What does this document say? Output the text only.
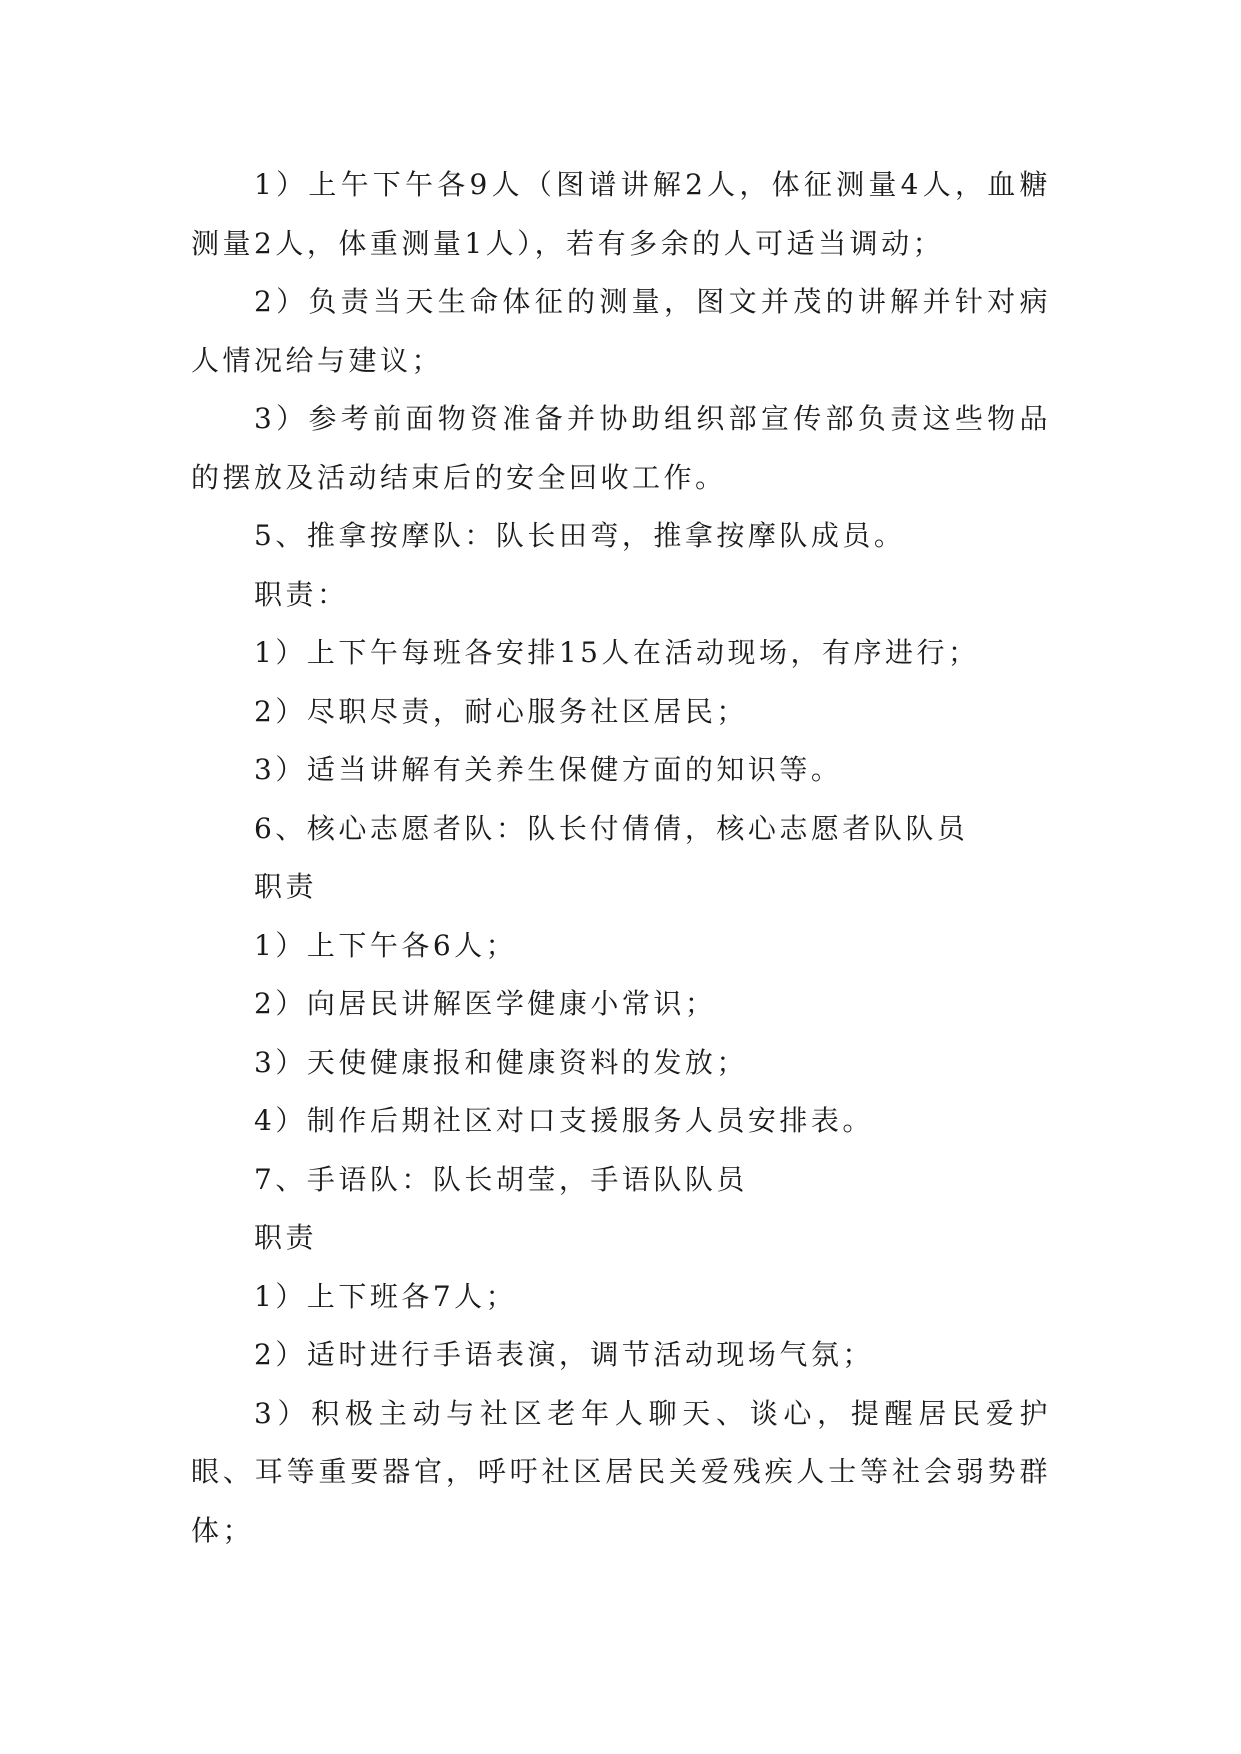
1）上午下午各9人（图谱讲解2人，体征测量4人，血糖测量2人，体重测量1人），若有多余的人可适当调动；

2）负责当天生命体征的测量，图文并茂的讲解并针对病人情况给与建议；

3）参考前面物资准备并协助组织部宣传部负责这些物品的摆放及活动结束后的安全回收工作。

5、推拿按摩队：队长田弯，推拿按摩队成员。

职责：

1）上下午每班各安排15人在活动现场，有序进行；

2）尽职尽责，耐心服务社区居民；

3）适当讲解有关养生保健方面的知识等。

6、核心志愿者队：队长付倩倩，核心志愿者队队员

职责

1）上下午各6人；

2）向居民讲解医学健康小常识；

3）天使健康报和健康资料的发放；

4）制作后期社区对口支援服务人员安排表。

7、手语队：队长胡莹，手语队队员

职责

1）上下班各7人；

2）适时进行手语表演，调节活动现场气氛；

3）积极主动与社区老年人聊天、谈心，提醒居民爱护眼、耳等重要器官，呼吁社区居民关爱残疾人士等社会弱势群体；
